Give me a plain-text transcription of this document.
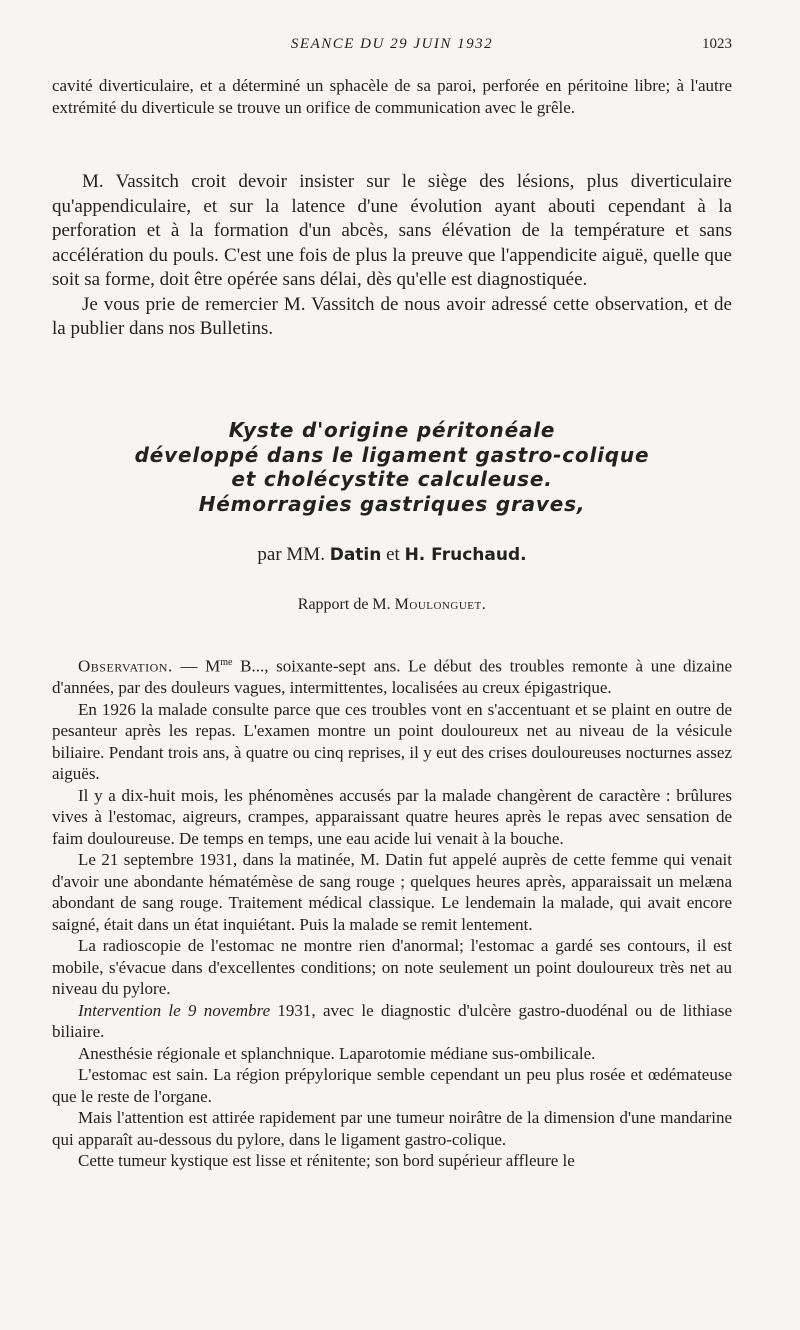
SEANCE DU 29 JUIN 1932	1023

cavité diverticulaire, et a déterminé un sphacèle de sa paroi, perforée en péritoine libre; à l'autre extrémité du diverticule se trouve un orifice de communication avec le grêle.

M. Vassitch croit devoir insister sur le siège des lésions, plus diverticulaire qu'appendiculaire, et sur la latence d'une évolution ayant abouti cependant à la perforation et à la formation d'un abcès, sans élévation de la température et sans accélération du pouls. C'est une fois de plus la preuve que l'appendicite aiguë, quelle que soit sa forme, doit être opérée sans délai, dès qu'elle est diagnostiquée.

Je vous prie de remercier M. Vassitch de nous avoir adressé cette observation, et de la publier dans nos Bulletins.

Kyste d'origine péritonéale
développé dans le ligament gastro-colique
et cholécystite calculeuse.
Hémorragies gastriques graves,
par MM. Datin et H. Fruchaud.
Rapport de M. Moulonguet.

Observation. — $M^{me}$ B..., soixante-sept ans. Le début des troubles remonte à une dizaine d'années, par des douleurs vagues, intermittentes, localisées au creux épigastrique.

En 1926 la malade consulte parce que ces troubles vont en s'accentuant et se plaint en outre de pesanteur après les repas. L'examen montre un point douloureux net au niveau de la vésicule biliaire. Pendant trois ans, à quatre ou cinq reprises, il y eut des crises douloureuses nocturnes assez aiguës.

Il y a dix-huit mois, les phénomènes accusés par la malade changèrent de caractère : brûlures vives à l'estomac, aigreurs, crampes, apparaissant quatre heures après le repas avec sensation de faim douloureuse. De temps en temps, une eau acide lui venait à la bouche.

Le 21 septembre 1931, dans la matinée, M. Datin fut appelé auprès de cette femme qui venait d'avoir une abondante hématémèse de sang rouge ; quelques heures après, apparaissait un melæna abondant de sang rouge. Traitement médical classique. Le lendemain la malade, qui avait encore saigné, était dans un état inquiétant. Puis la malade se remit lentement.

La radioscopie de l'estomac ne montre rien d'anormal; l'estomac a gardé ses contours, il est mobile, s'évacue dans d'excellentes conditions; on note seulement un point douloureux très net au niveau du pylore.

Intervention le 9 novembre 1931, avec le diagnostic d'ulcère gastro-duodénal ou de lithiase biliaire.

Anesthésie régionale et splanchnique. Laparotomie médiane sus-ombilicale.

L'estomac est sain. La région prépylorique semble cependant un peu plus rosée et œdémateuse que le reste de l'organe.

Mais l'attention est attirée rapidement par une tumeur noirâtre de la dimension d'une mandarine qui apparaît au-dessous du pylore, dans le ligament gastro-colique.

Cette tumeur kystique est lisse et rénitente; son bord supérieur affleure le
